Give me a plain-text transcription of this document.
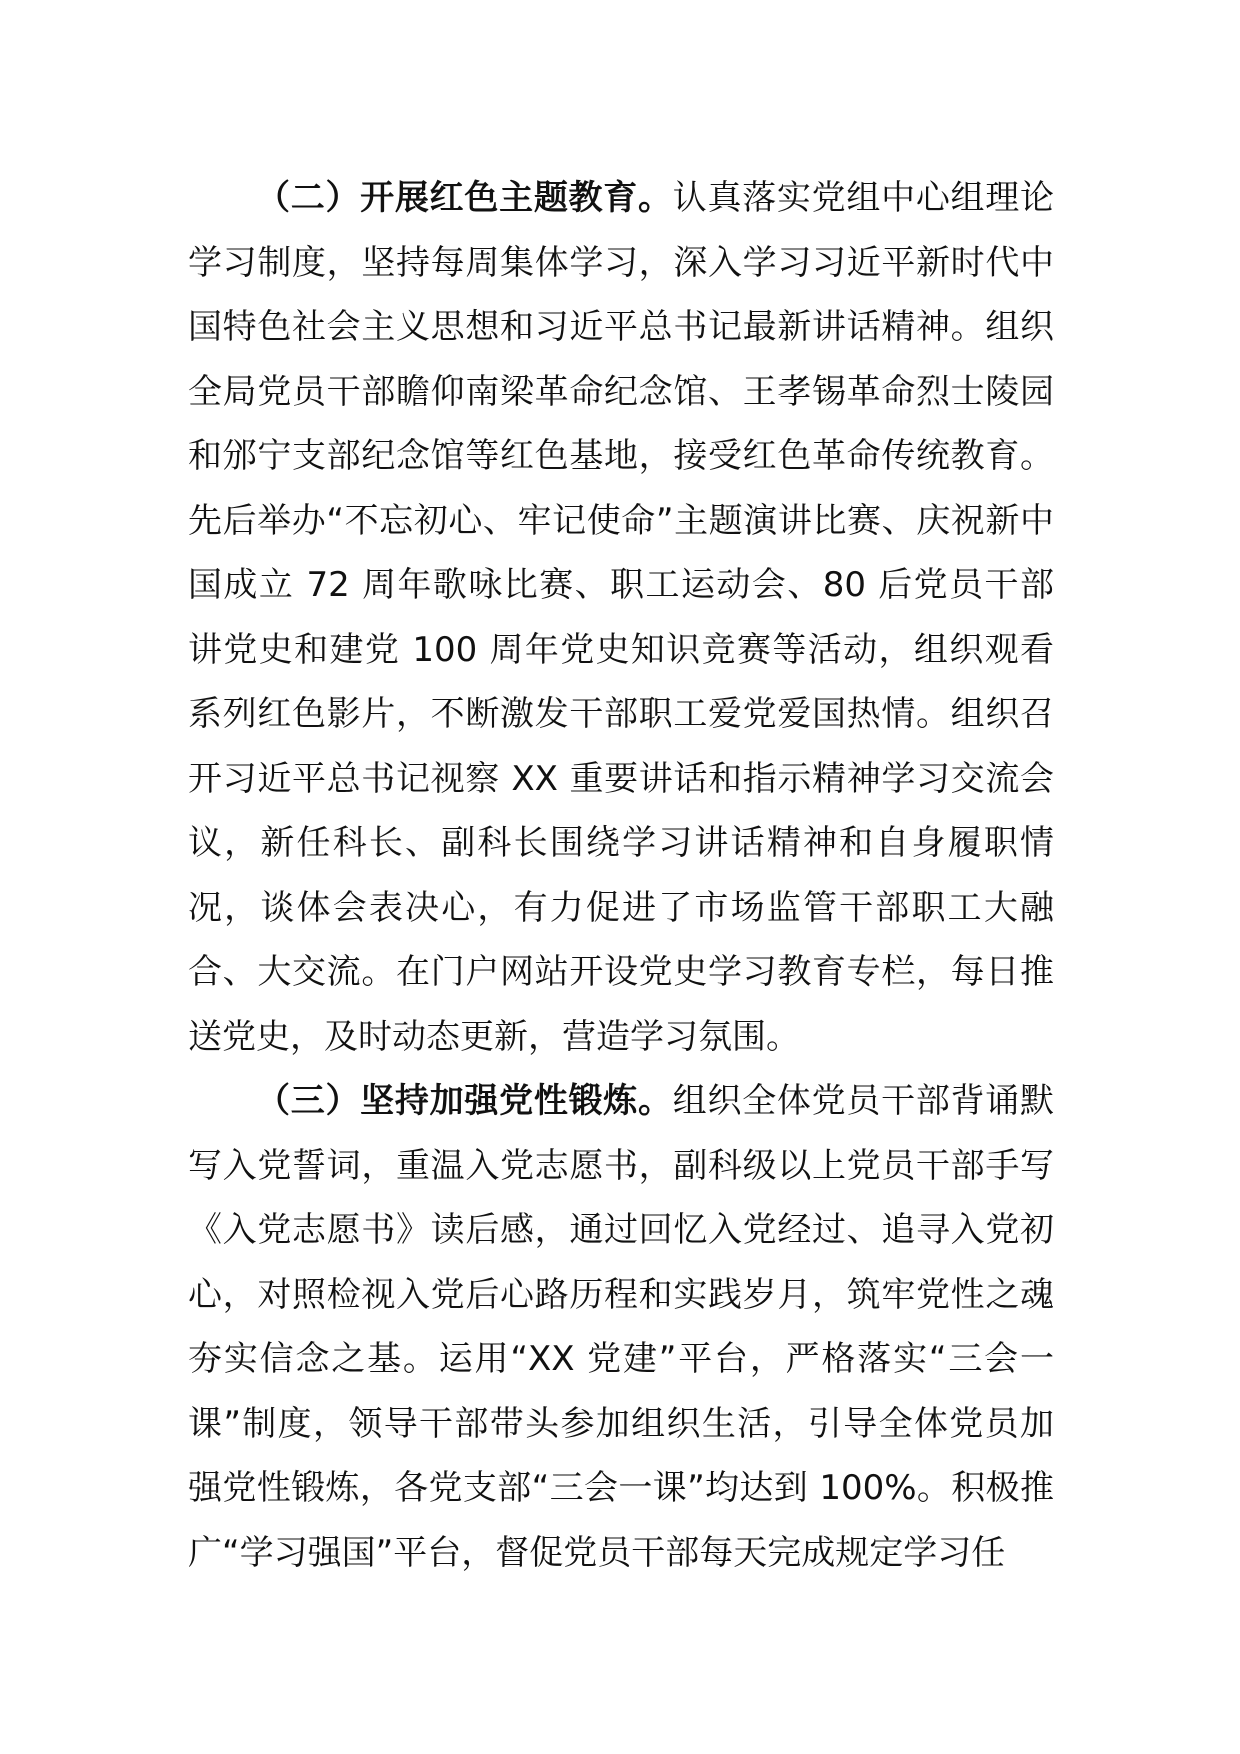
（二）开展红色主题教育。认真落实党组中心组理论学习制度，坚持每周集体学习，深入学习习近平新时代中国特色社会主义思想和习近平总书记最新讲话精神。组织全局党员干部瞻仰南梁革命纪念馆、王孝锡革命烈士陵园和邠宁支部纪念馆等红色基地，接受红色革命传统教育。先后举办“不忘初心、牢记使命”主题演讲比赛、庆祝新中国成立 72 周年歌咏比赛、职工运动会、80 后党员干部讲党史和建党 100 周年党史知识竞赛等活动，组织观看系列红色影片，不断激发干部职工爱党爱国热情。组织召开习近平总书记视察 XX 重要讲话和指示精神学习交流会议，新任科长、副科长围绕学习讲话精神和自身履职情况，谈体会表决心，有力促进了市场监管干部职工大融合、大交流。在门户网站开设党史学习教育专栏，每日推送党史，及时动态更新，营造学习氛围。

（三）坚持加强党性锻炼。组织全体党员干部背诵默写入党誓词，重温入党志愿书，副科级以上党员干部手写《入党志愿书》读后感，通过回忆入党经过、追寻入党初心，对照检视入党后心路历程和实践岁月，筑牢党性之魂夯实信念之基。运用“XX 党建”平台，严格落实“三会一课”制度，领导干部带头参加组织生活，引导全体党员加强党性锻炼，各党支部“三会一课”均达到 100%。积极推广“学习强国”平台，督促党员干部每天完成规定学习任
